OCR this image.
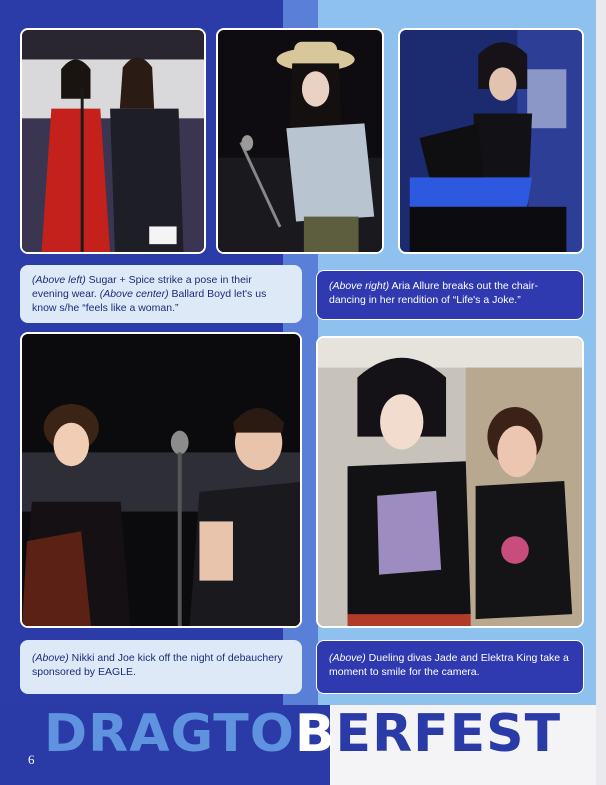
(Above left) Sugar + Spice strike a pose in their evening wear. (Above center) Ballard Boyd let's us know s/he “feels like a woman.”
(Above right) Aria Allure breaks out the chair-dancing in her rendition of “Life's a Joke.”
(Above) Nikki and Joe kick off the night of debauchery sponsored by EAGLE.
(Above) Dueling divas Jade and Elektra King take a moment to smile for the camera.
DRAGTOBERFEST
6
